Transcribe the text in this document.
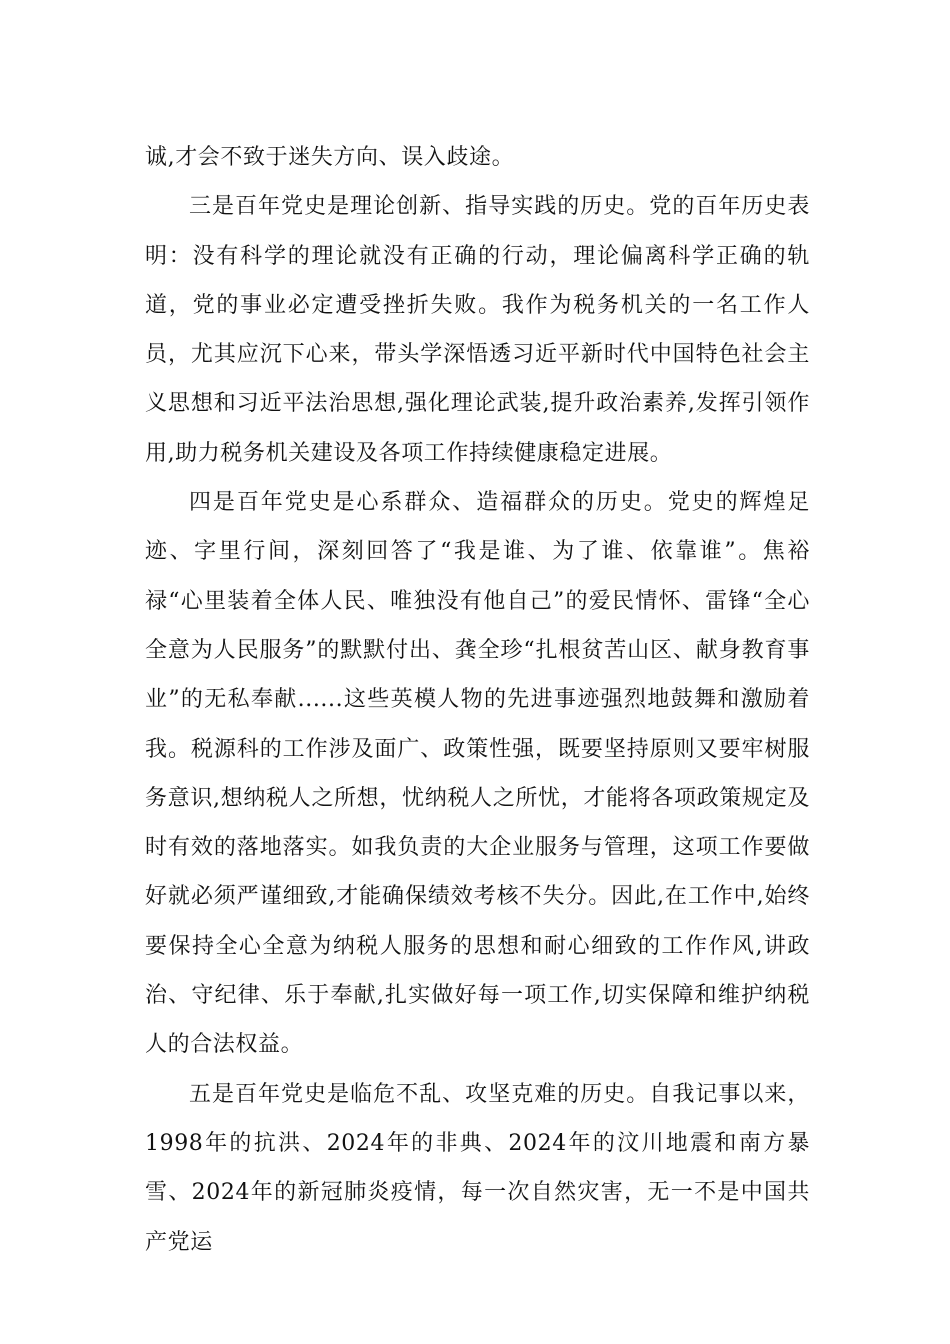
诚,才会不致于迷失方向、误入歧途。

三是百年党史是理论创新、指导实践的历史。党的百年历史表明：没有科学的理论就没有正确的行动，理论偏离科学正确的轨道，党的事业必定遭受挫折失败。我作为税务机关的一名工作人员，尤其应沉下心来，带头学深悟透习近平新时代中国特色社会主义思想和习近平法治思想,强化理论武装,提升政治素养,发挥引领作用,助力税务机关建设及各项工作持续健康稳定进展。

四是百年党史是心系群众、造福群众的历史。党史的辉煌足迹、字里行间，深刻回答了“我是谁、为了谁、依靠谁”。焦裕禄“心里装着全体人民、唯独没有他自己”的爱民情怀、雷锋“全心全意为人民服务”的默默付出、龚全珍“扎根贫苦山区、献身教育事业”的无私奉献......这些英模人物的先进事迹强烈地鼓舞和激励着我。税源科的工作涉及面广、政策性强，既要坚持原则又要牢树服务意识,想纳税人之所想，忧纳税人之所忧，才能将各项政策规定及时有效的落地落实。如我负责的大企业服务与管理，这项工作要做好就必须严谨细致,才能确保绩效考核不失分。因此,在工作中,始终要保持全心全意为纳税人服务的思想和耐心细致的工作作风,讲政治、守纪律、乐于奉献,扎实做好每一项工作,切实保障和维护纳税人的合法权益。

五是百年党史是临危不乱、攻坚克难的历史。自我记事以来，1998年的抗洪、2024年的非典、2024年的汶川地震和南方暴雪、2024年的新冠肺炎疫情，每一次自然灾害，无一不是中国共产党运
